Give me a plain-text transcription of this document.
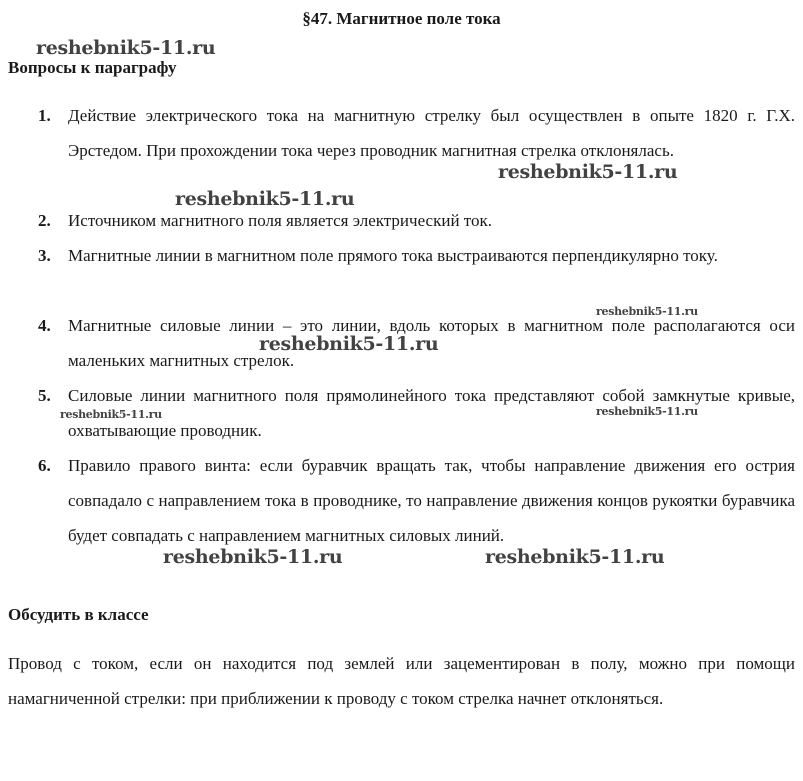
§47. Магнитное поле тока
Вопросы к параграфу
1. Действие электрического тока на магнитную стрелку был осуществлен в опыте 1820 г. Г.Х. Эрстедом. При прохождении тока через проводник магнитная стрелка отклонялась.
2. Источником магнитного поля является электрический ток.
3. Магнитные линии в магнитном поле прямого тока выстраиваются перпендикулярно току.
4. Магнитные силовые линии – это линии, вдоль которых в магнитном поле располагаются оси маленьких магнитных стрелок.
5. Силовые линии магнитного поля прямолинейного тока представляют собой замкнутые кривые, охватывающие проводник.
6. Правило правого винта: если буравчик вращать так, чтобы направление движения его острия совпадало с направлением тока в проводнике, то направление движения концов рукоятки буравчика будет совпадать с направлением магнитных силовых линий.
Обсудить в классе
Провод с током, если он находится под землей или зацементирован в полу, можно при помощи намагниченной стрелки: при приближении к проводу с током стрелка начнет отклоняться.
reshebnik5-11.ru
reshebnik5-11.ru
reshebnik5-11.ru
reshebnik5-11.ru
reshebnik5-11.ru
reshebnik5-11.ru	reshebnik5-11.ru
reshebnik5-11.ru	reshebnik5-11.ru
